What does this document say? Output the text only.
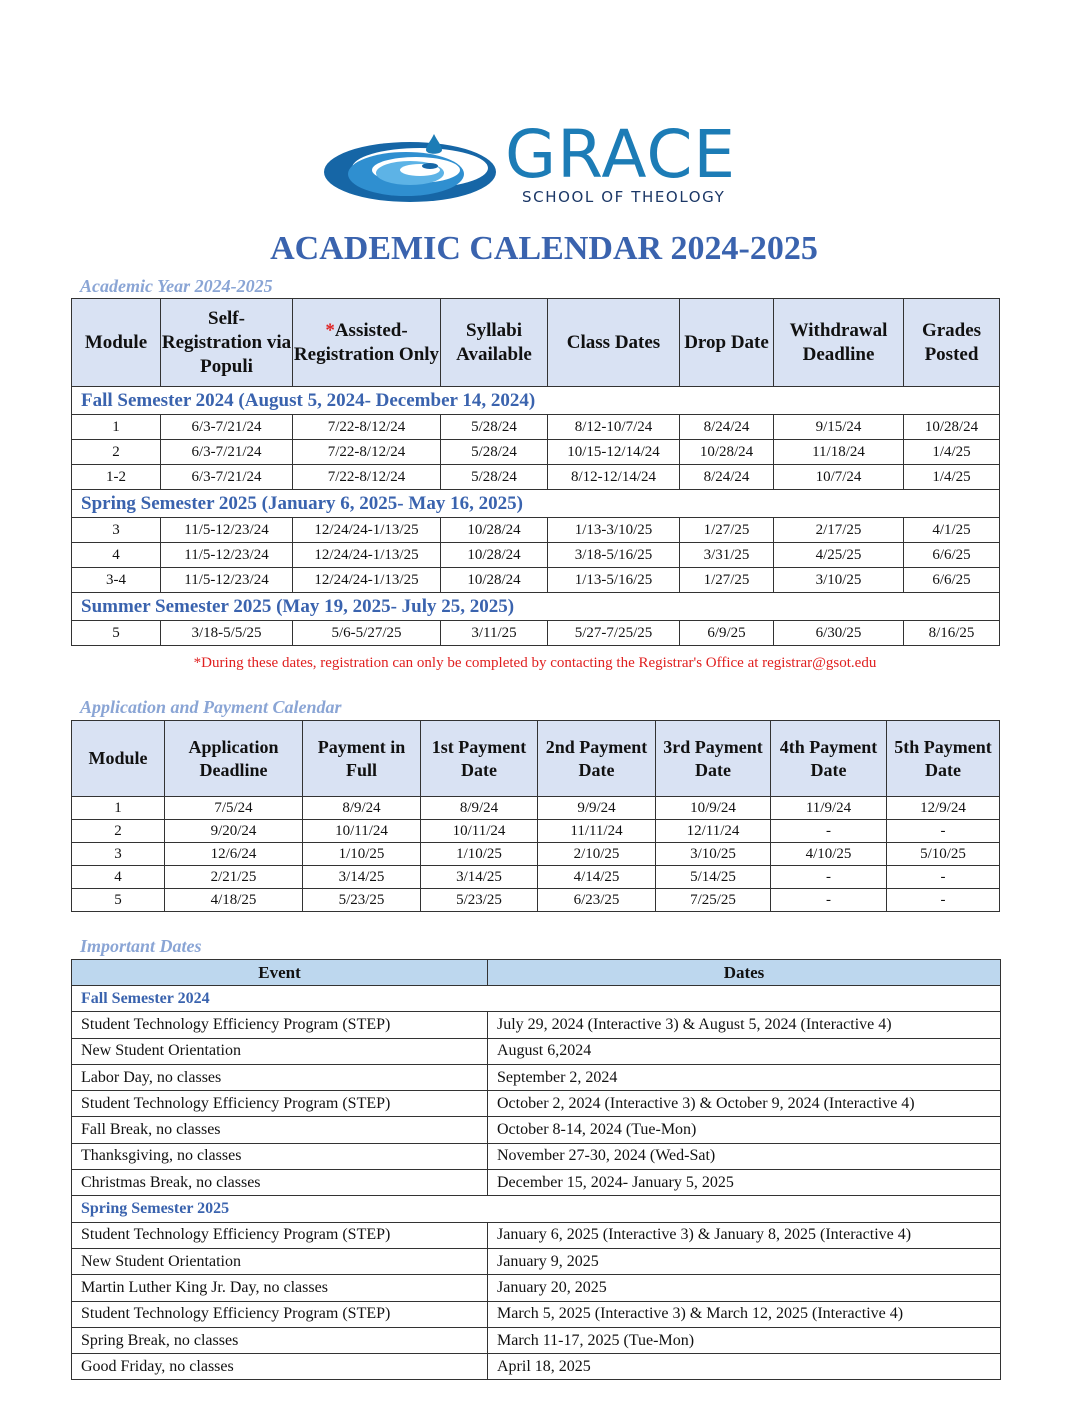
GRACE
SCHOOL OF THEOLOGY
ACADEMIC CALENDAR 2024-2025
Academic Year 2024-2025
Module	Self-Registration via Populi	*Assisted-Registration Only	Syllabi Available	Class Dates	Drop Date	Withdrawal Deadline	Grades Posted
Fall Semester 2024 (August 5, 2024- December 14, 2024)							
1	6/3-7/21/24	7/22-8/12/24	5/28/24	8/12-10/7/24	8/24/24	9/15/24	10/28/24
2	6/3-7/21/24	7/22-8/12/24	5/28/24	10/15-12/14/24	10/28/24	11/18/24	1/4/25
1-2	6/3-7/21/24	7/22-8/12/24	5/28/24	8/12-12/14/24	8/24/24	10/7/24	1/4/25
Spring Semester 2025 (January 6, 2025- May 16, 2025)							
3	11/5-12/23/24	12/24/24-1/13/25	10/28/24	1/13-3/10/25	1/27/25	2/17/25	4/1/25
4	11/5-12/23/24	12/24/24-1/13/25	10/28/24	3/18-5/16/25	3/31/25	4/25/25	6/6/25
3-4	11/5-12/23/24	12/24/24-1/13/25	10/28/24	1/13-5/16/25	1/27/25	3/10/25	6/6/25
Summer Semester 2025 (May 19, 2025- July 25, 2025)							
5	3/18-5/5/25	5/6-5/27/25	3/11/25	5/27-7/25/25	6/9/25	6/30/25	8/16/25
*During these dates, registration can only be completed by contacting the Registrar's Office at registrar@gsot.edu
Application and Payment Calendar
Module	Application Deadline	Payment in Full	1st Payment Date	2nd Payment Date	3rd Payment Date	4th Payment Date	5th Payment Date
1	7/5/24	8/9/24	8/9/24	9/9/24	10/9/24	11/9/24	12/9/24
2	9/20/24	10/11/24	10/11/24	11/11/24	12/11/24	-	-
3	12/6/24	1/10/25	1/10/25	2/10/25	3/10/25	4/10/25	5/10/25
4	2/21/25	3/14/25	3/14/25	4/14/25	5/14/25	-	-
5	4/18/25	5/23/25	5/23/25	6/23/25	7/25/25	-	-
Important Dates
Event	Dates
Fall Semester 2024	
Student Technology Efficiency Program (STEP)	July 29, 2024 (Interactive 3) & August 5, 2024 (Interactive 4)
New Student Orientation	August 6,2024
Labor Day, no classes	September 2, 2024
Student Technology Efficiency Program (STEP)	October 2, 2024 (Interactive 3) & October 9, 2024 (Interactive 4)
Fall Break, no classes	October 8-14, 2024 (Tue-Mon)
Thanksgiving, no classes	November 27-30, 2024 (Wed-Sat)
Christmas Break, no classes	December 15, 2024- January 5, 2025
Spring Semester 2025	
Student Technology Efficiency Program (STEP)	January 6, 2025 (Interactive 3) & January 8, 2025 (Interactive 4)
New Student Orientation	January 9, 2025
Martin Luther King Jr. Day, no classes	January 20, 2025
Student Technology Efficiency Program (STEP)	March 5, 2025 (Interactive 3) & March 12, 2025 (Interactive 4)
Spring Break, no classes	March 11-17, 2025 (Tue-Mon)
Good Friday, no classes	April 18, 2025
